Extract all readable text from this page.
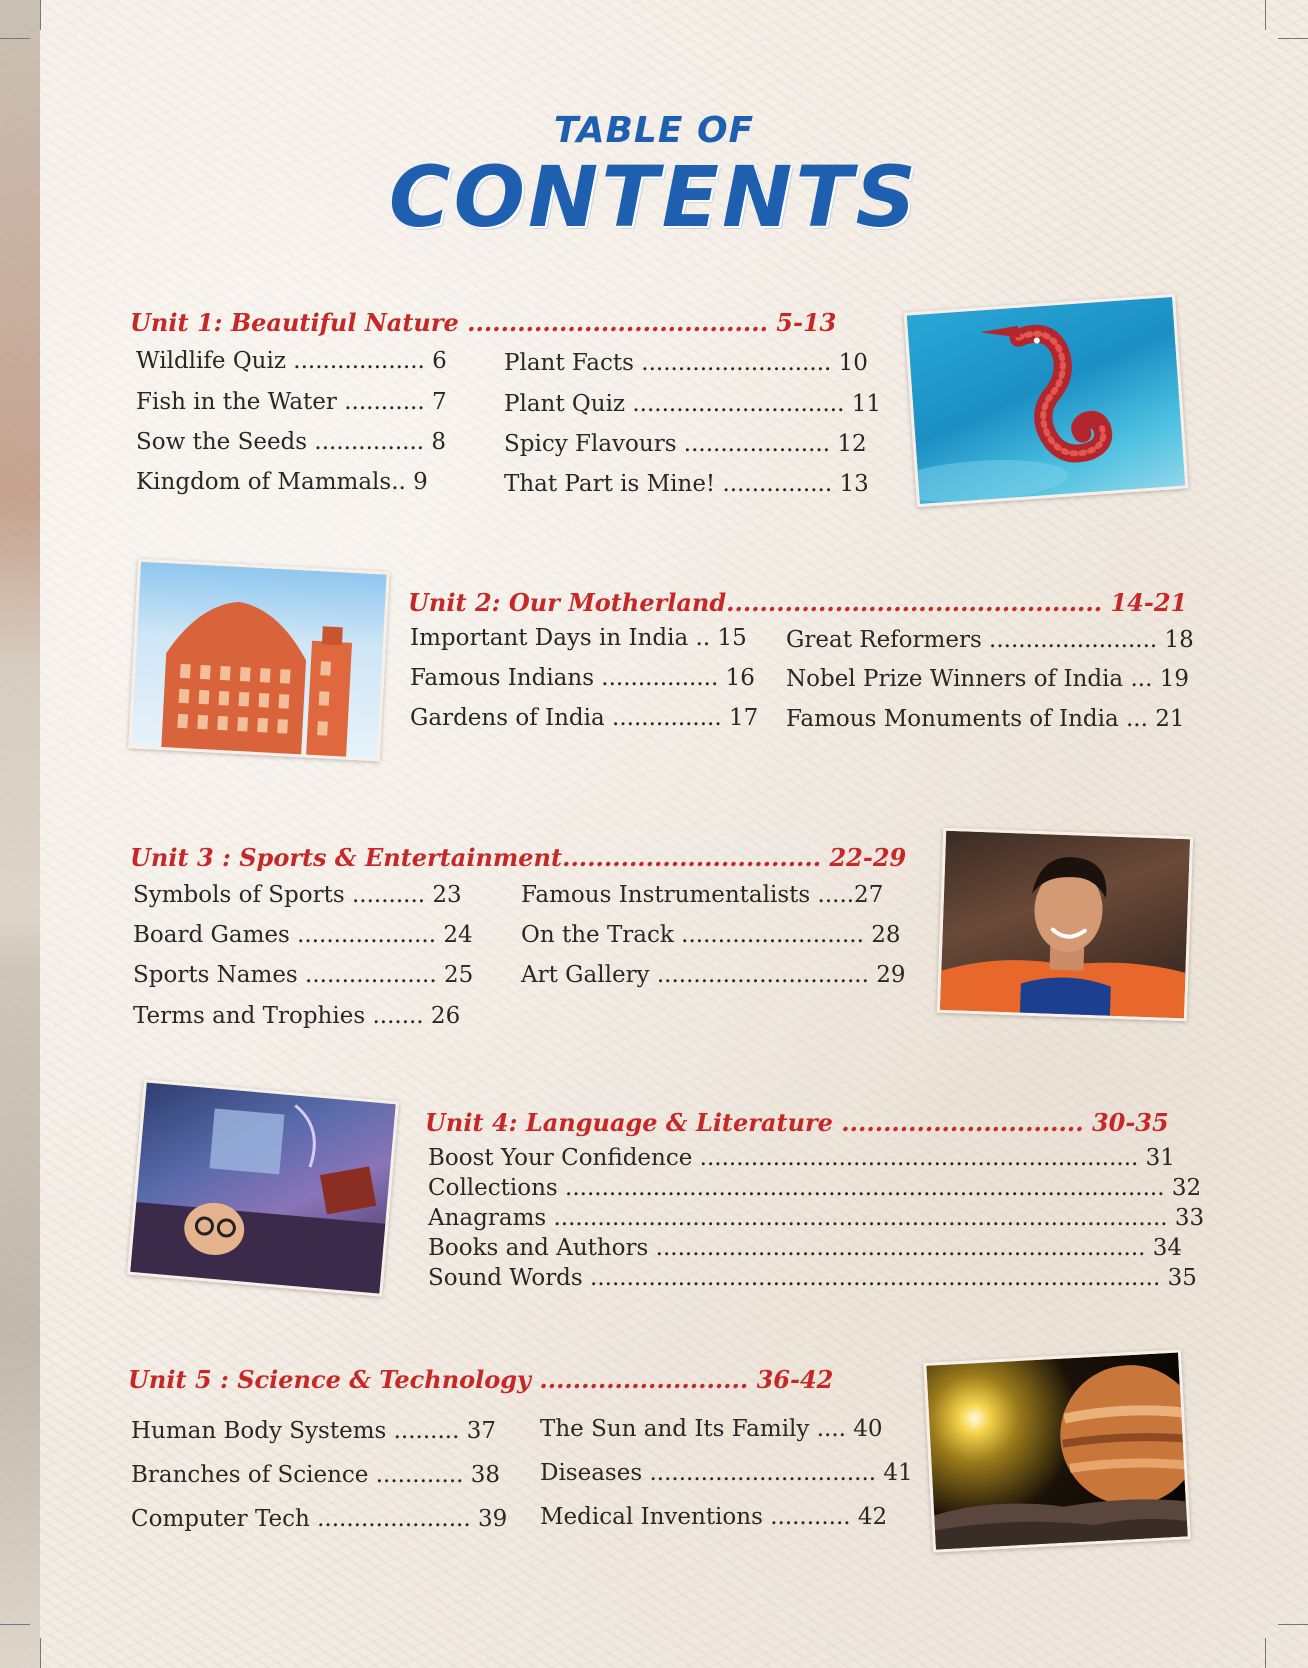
TABLE OF
CONTENTS
Unit 1: Beautiful Nature .................................... 5-13
Wildlife Quiz .................. 6
Fish in the Water ........... 7
Sow the Seeds ............... 8
Kingdom of Mammals.. 9
Plant Facts .......................... 10
Plant Quiz ............................. 11
Spicy Flavours .................... 12
That Part is Mine! ............... 13
Unit 2: Our Motherland............................................. 14-21
Important Days in India .. 15
Famous Indians ................ 16
Gardens of India ............... 17
Great Reformers ....................... 18
Nobel Prize Winners of India ... 19
Famous Monuments of India ... 21
Unit 3 : Sports & Entertainment............................... 22-29
Symbols of Sports .......... 23
Board Games ................... 24
Sports Names .................. 25
Terms and Trophies ....... 26
Famous Instrumentalists .....27
On the Track ......................... 28
Art Gallery ............................. 29
Unit 4: Language & Literature ............................. 30-35
Boost Your Confidence ............................................................ 31
Collections .................................................................................. 32
Anagrams .................................................................................... 33
Books and Authors ................................................................... 34
Sound Words .............................................................................. 35
Unit 5 : Science & Technology ......................... 36-42
Human Body Systems ......... 37
Branches of Science ............ 38
Computer Tech ..................... 39
The Sun and Its Family .... 40
Diseases ............................... 41
Medical Inventions ........... 42
